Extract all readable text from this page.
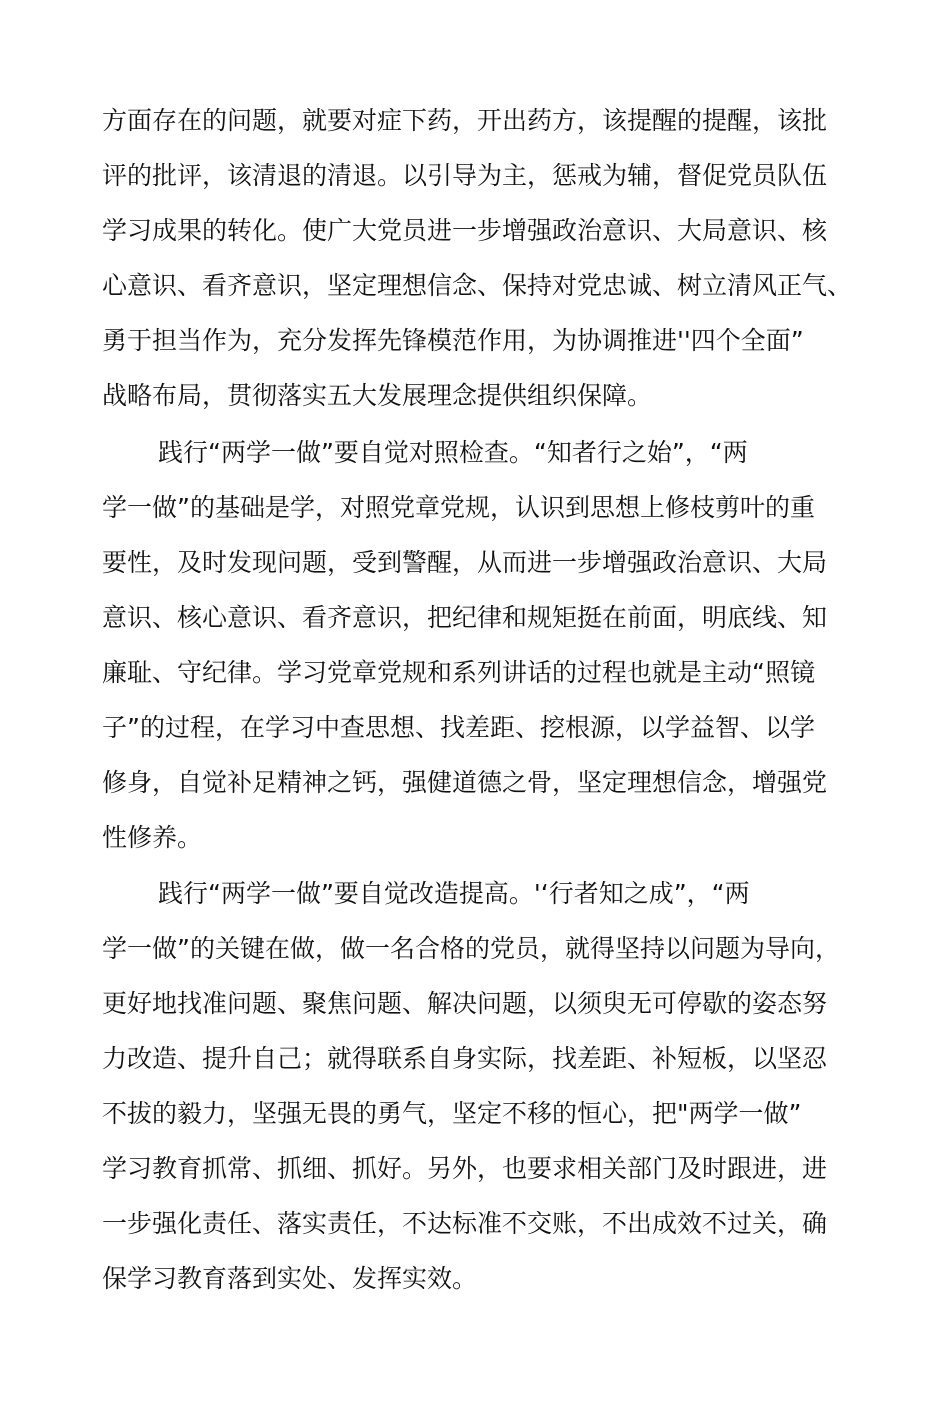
方面存在的问题，就要对症下药，开出药方，该提醒的提醒，该批
评的批评，该清退的清退。以引导为主，惩戒为辅，督促党员队伍
学习成果的转化。使广大党员进一步增强政治意识、大局意识、核
心意识、看齐意识，坚定理想信念、保持对党忠诚、树立清风正气、
勇于担当作为，充分发挥先锋模范作用，为协调推进''四个全面”
战略布局，贯彻落实五大发展理念提供组织保障。
践行“两学一做”要自觉对照检查。“知者行之始”，“两
学一做”的基础是学，对照党章党规，认识到思想上修枝剪叶的重
要性，及时发现问题，受到警醒，从而进一步增强政治意识、大局
意识、核心意识、看齐意识，把纪律和规矩挺在前面，明底线、知
廉耻、守纪律。学习党章党规和系列讲话的过程也就是主动“照镜
子”的过程，在学习中查思想、找差距、挖根源，以学益智、以学
修身，自觉补足精神之钙，强健道德之骨，坚定理想信念，增强党
性修养。
践行“两学一做”要自觉改造提高。'‘行者知之成”，“两
学一做”的关键在做，做一名合格的党员，就得坚持以问题为导向，
更好地找准问题、聚焦问题、解决问题，以须臾无可停歇的姿态努
力改造、提升自己；就得联系自身实际，找差距、补短板，以坚忍
不拔的毅力，坚强无畏的勇气，坚定不移的恒心，把"两学一做”
学习教育抓常、抓细、抓好。另外，也要求相关部门及时跟进，进
一步强化责任、落实责任，不达标准不交账，不出成效不过关，确
保学习教育落到实处、发挥实效。
